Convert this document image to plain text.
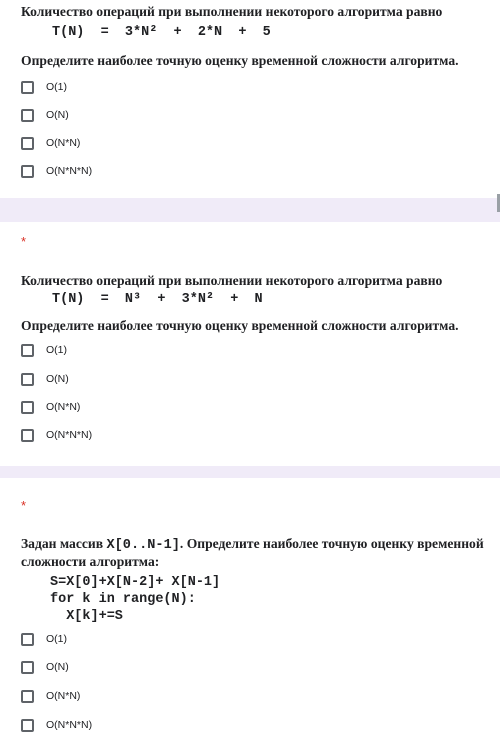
Количество операций при выполнении некоторого алгоритма равно
T(N)  =  3*N²  +  2*N  +  5
Определите наиболее точную оценку временной сложности алгоритма.
O(1)
O(N)
O(N*N)
O(N*N*N)
*
Количество операций при выполнении некоторого алгоритма равно
T(N)  =  N³  +  3*N²  +  N
Определите наиболее точную оценку временной сложности алгоритма.
O(1)
O(N)
O(N*N)
O(N*N*N)
*
Задан массив X[0..N-1]. Определите наиболее точную оценку временной сложности алгоритма:
S=X[0]+X[N-2]+ X[N-1]
for k in range(N):
X[k]+=S
O(1)
O(N)
O(N*N)
O(N*N*N)
